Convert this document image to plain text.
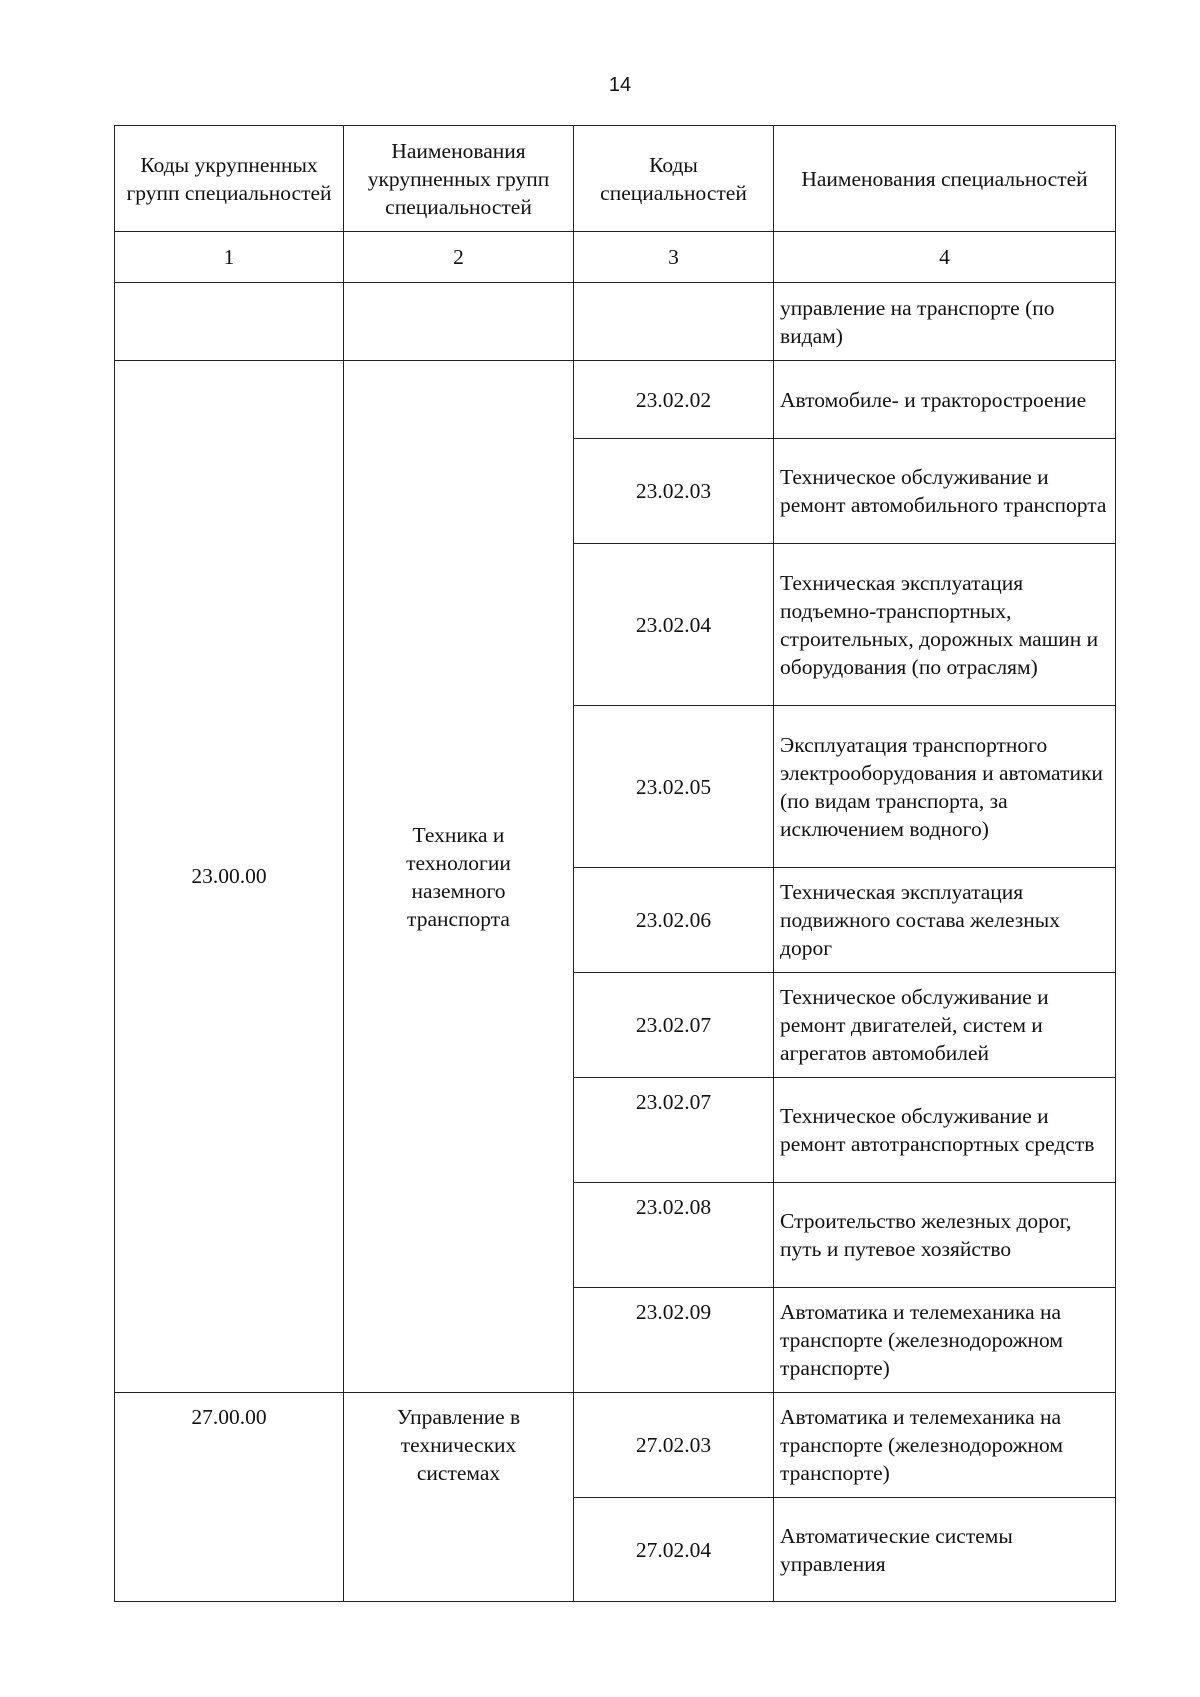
14
Коды укрупненных групп специальностей	Наименования укрупненных групп специальностей	Коды специальностей	Наименования специальностей
1	2	3	4
			управление на транспорте (по видам)
23.00.00	Техника и технологии наземного транспорта	23.02.02	Автомобиле- и тракторостроение
		23.02.03	Техническое обслуживание и ремонт автомобильного транспорта
		23.02.04	Техническая эксплуатация подъемно-транспортных, строительных, дорожных машин и оборудования (по отраслям)
		23.02.05	Эксплуатация транспортного электрооборудования и автоматики (по видам транспорта, за исключением водного)
		23.02.06	Техническая эксплуатация подвижного состава железных дорог
		23.02.07	Техническое обслуживание и ремонт двигателей, систем и агрегатов автомобилей
		23.02.07	Техническое обслуживание и ремонт автотранспортных средств
		23.02.08	Строительство железных дорог, путь и путевое хозяйство
		23.02.09	Автоматика и телемеханика на транспорте (железнодорожном транспорте)
27.00.00	Управление в технических системах	27.02.03	Автоматика и телемеханика на транспорте (железнодорожном транспорте)
		27.02.04	Автоматические системы управления
